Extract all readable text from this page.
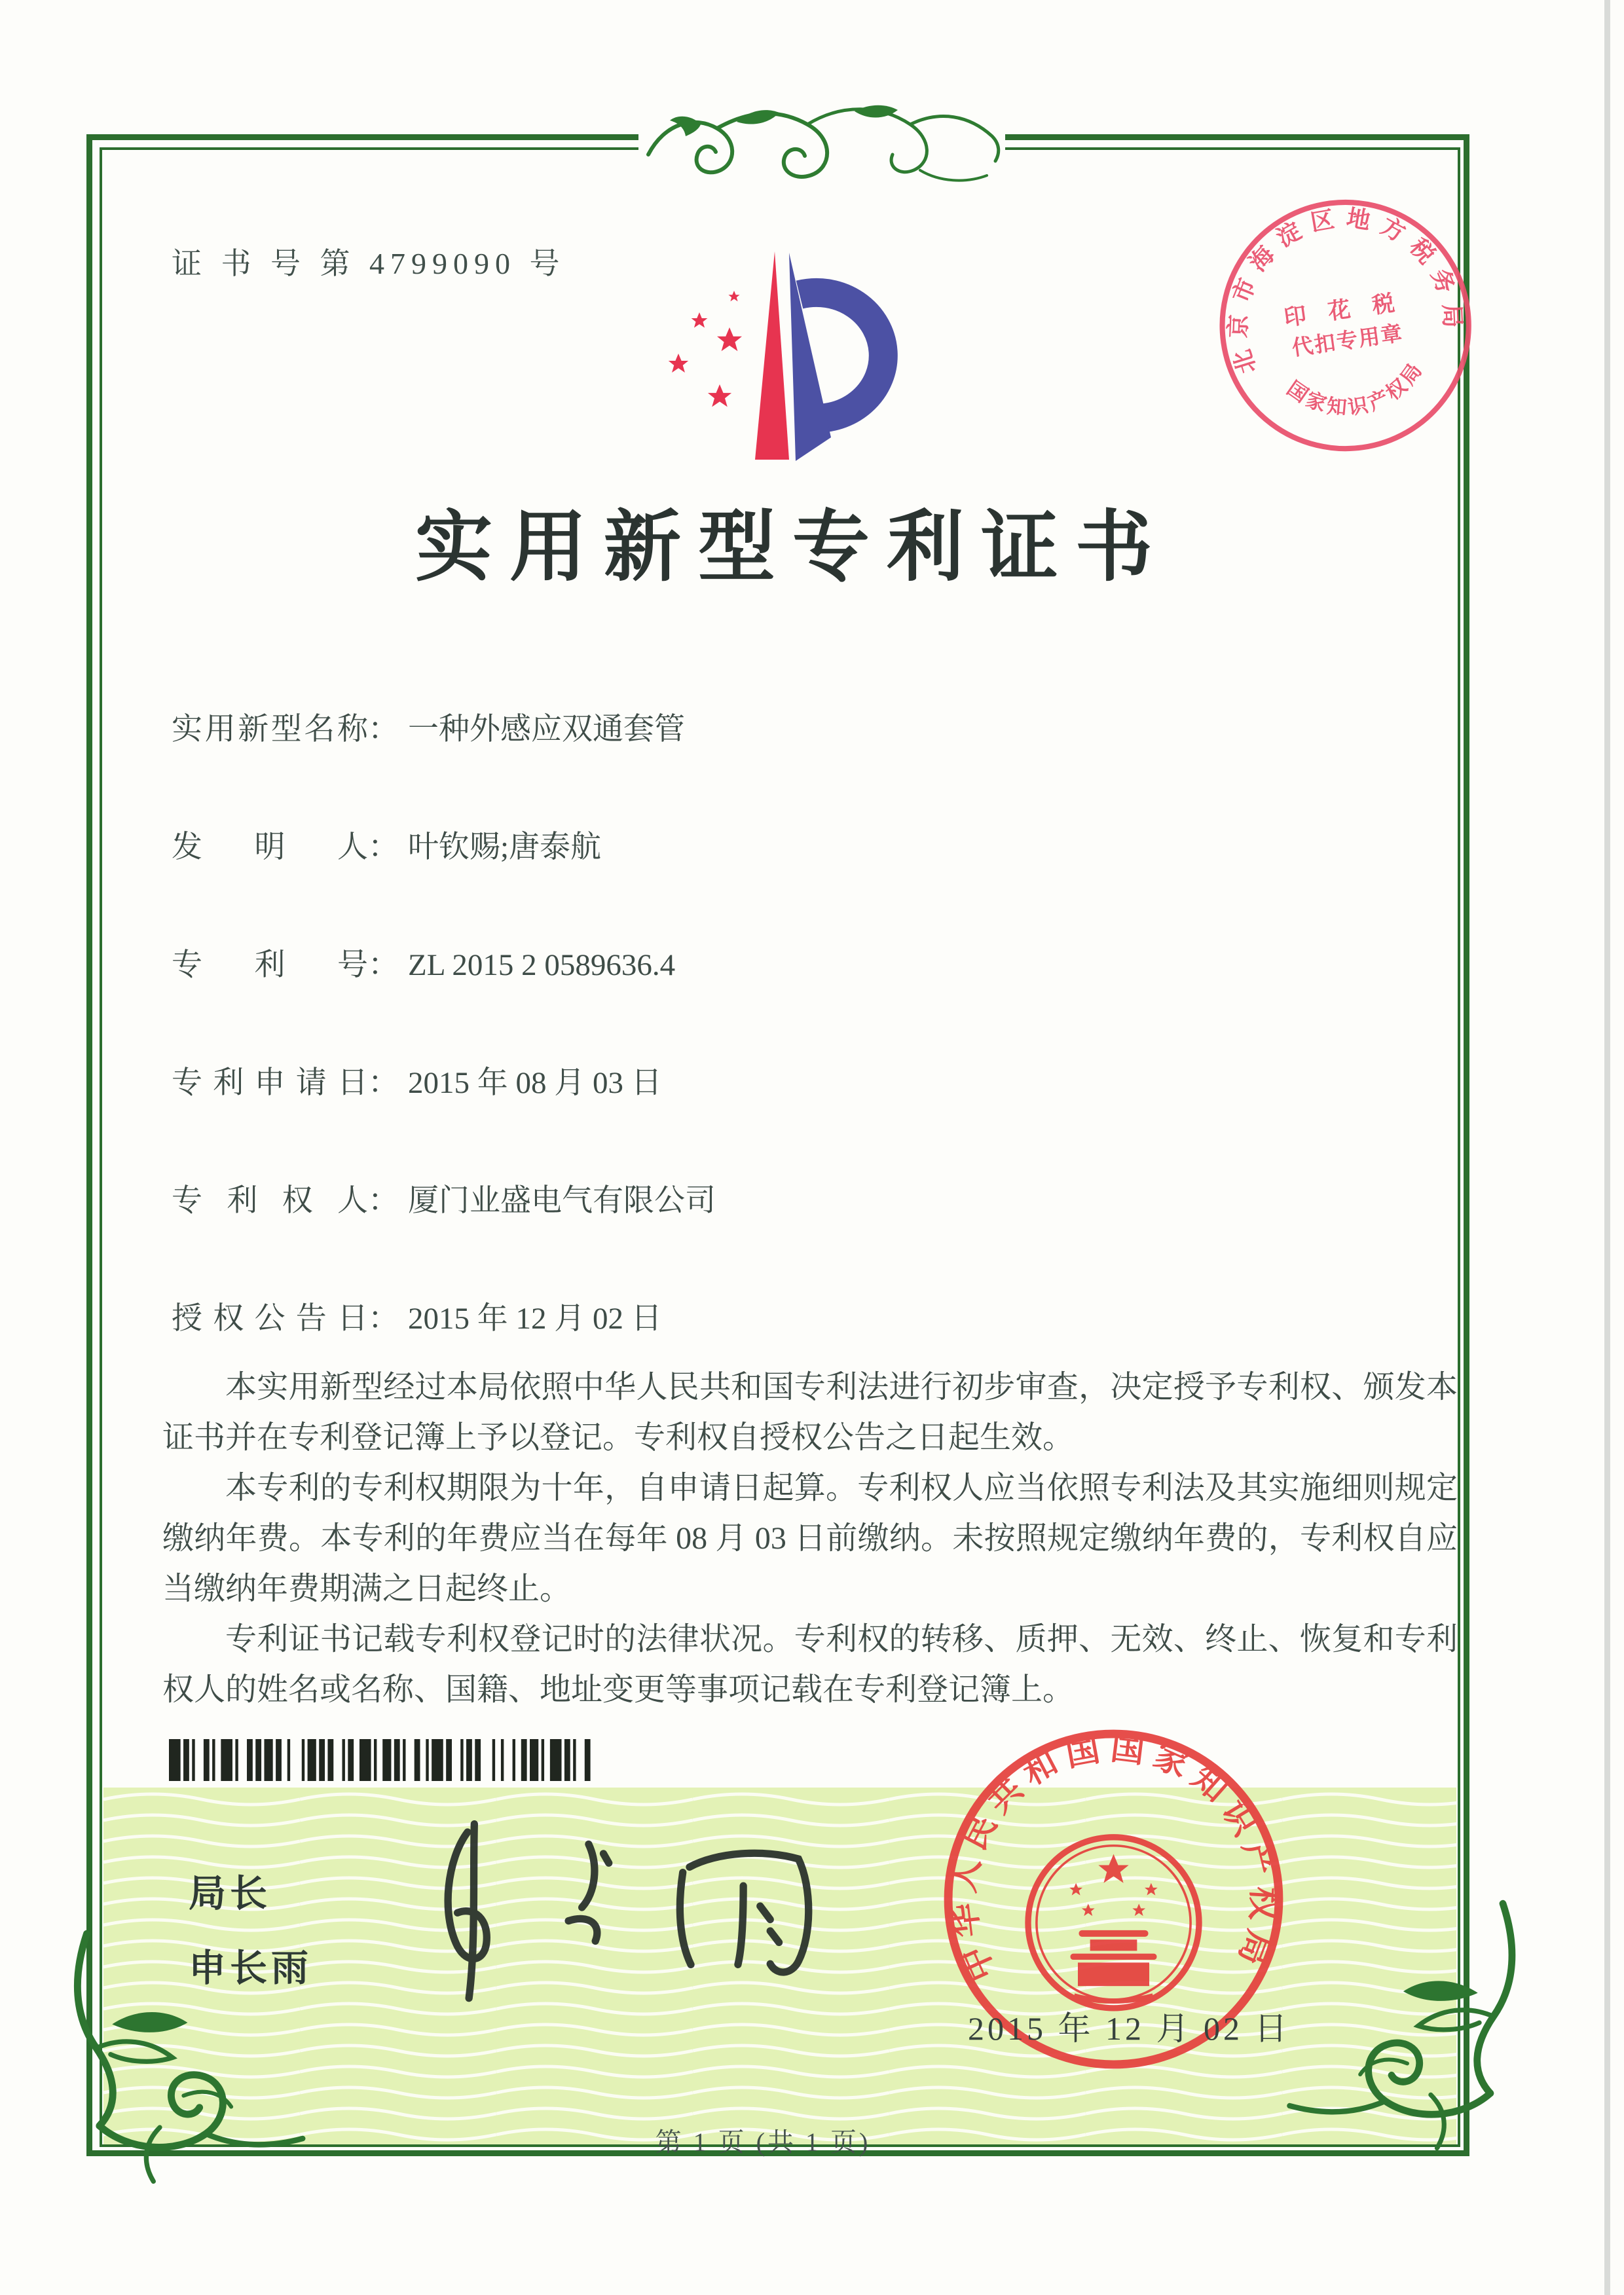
证 书 号 第 4799090 号
北京市海淀区地方税务局
印 花 税
代扣专用章
国家知识产权局
实用新型专利证书
实用新型名称： 一种外感应双通套管
发明人： 叶钦赐;唐泰航
专利号： ZL 2015 2 0589636.4
专利申请日： 2015 年 08 月 03 日
专利权人： 厦门业盛电气有限公司
授权公告日： 2015 年 12 月 02 日

本实用新型经过本局依照中华人民共和国专利法进行初步审查，决定授予专利权、颁发本证书并在专利登记簿上予以登记。专利权自授权公告之日起生效。

本专利的专利权期限为十年，自申请日起算。专利权人应当依照专利法及其实施细则规定缴纳年费。本专利的年费应当在每年 08 月 03 日前缴纳。未按照规定缴纳年费的，专利权自应当缴纳年费期满之日起终止。

专利证书记载专利权登记时的法律状况。专利权的转移、质押、无效、终止、恢复和专利权人的姓名或名称、国籍、地址变更等事项记载在专利登记簿上。

局长
申长雨	中华人民共和国国家知识产权局
2015 年 12 月 02 日
第 1 页 (共 1 页)
